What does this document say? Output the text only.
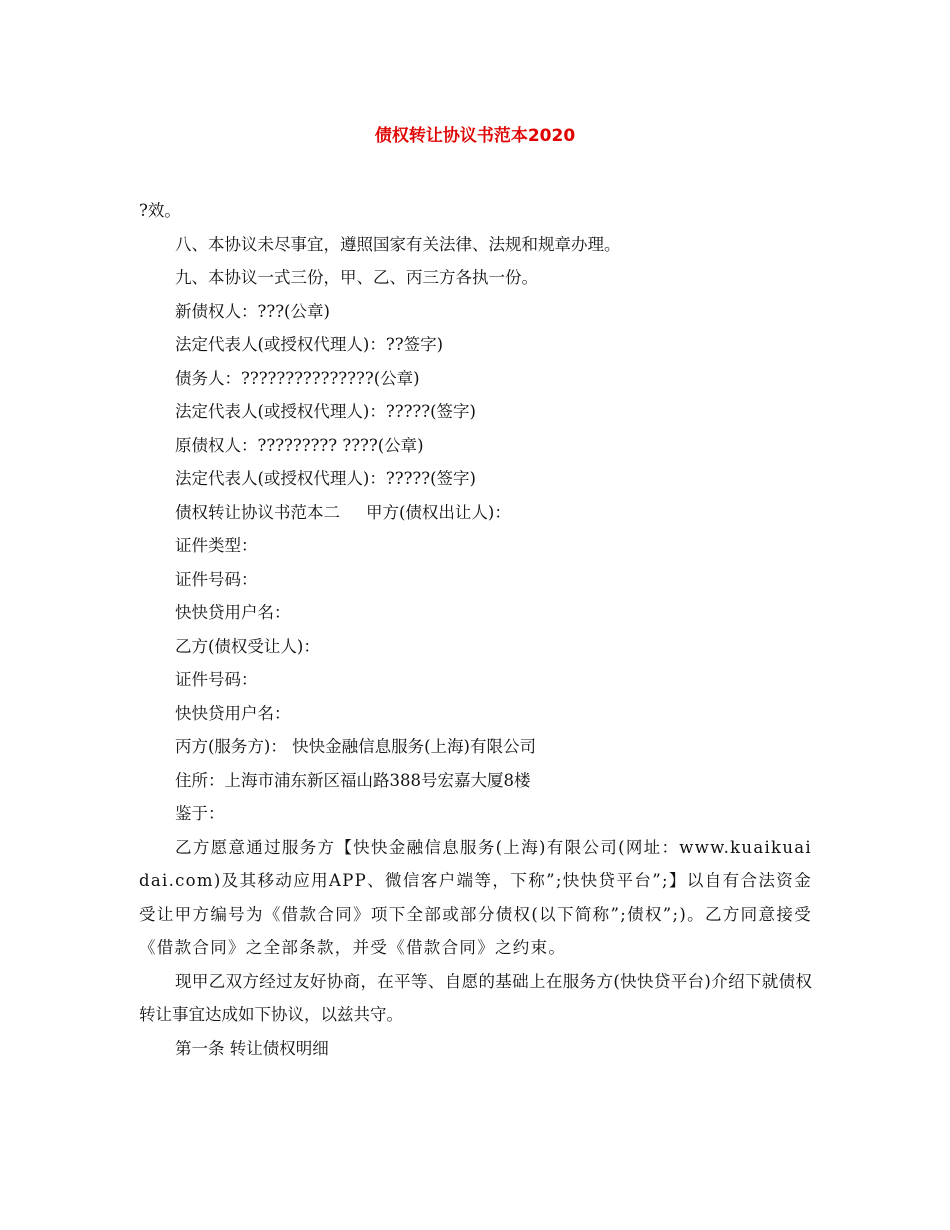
债权转让协议书范本2020
?效。
八、本协议未尽事宜，遵照国家有关法律、法规和规章办理。
九、本协议一式三份，甲、乙、丙三方各执一份。
新债权人：???(公章)
法定代表人(或授权代理人)：??签字)
债务人：???????????????(公章)
法定代表人(或授权代理人)：?????(签字)
原债权人：????????? ????(公章)
法定代表人(或授权代理人)：?????(签字)
债权转让协议书范本二 甲方(债权出让人)：
证件类型：
证件号码：
快快贷用户名：
乙方(债权受让人)：
证件号码：
快快贷用户名：
丙方(服务方)： 快快金融信息服务(上海)有限公司
住所：上海市浦东新区福山路388号宏嘉大厦8楼
鉴于：
乙方愿意通过服务方【快快金融信息服务(上海)有限公司(网址：www.kuaikuaidai.com)及其移动应用APP、微信客户端等，下称”;快快贷平台”;】以自有合法资金受让甲方编号为《借款合同》项下全部或部分债权(以下简称”;债权”;)。乙方同意接受《借款合同》之全部条款，并受《借款合同》之约束。
现甲乙双方经过友好协商，在平等、自愿的基础上在服务方(快快贷平台)介绍下就债权转让事宜达成如下协议，以兹共守。
第一条 转让债权明细
